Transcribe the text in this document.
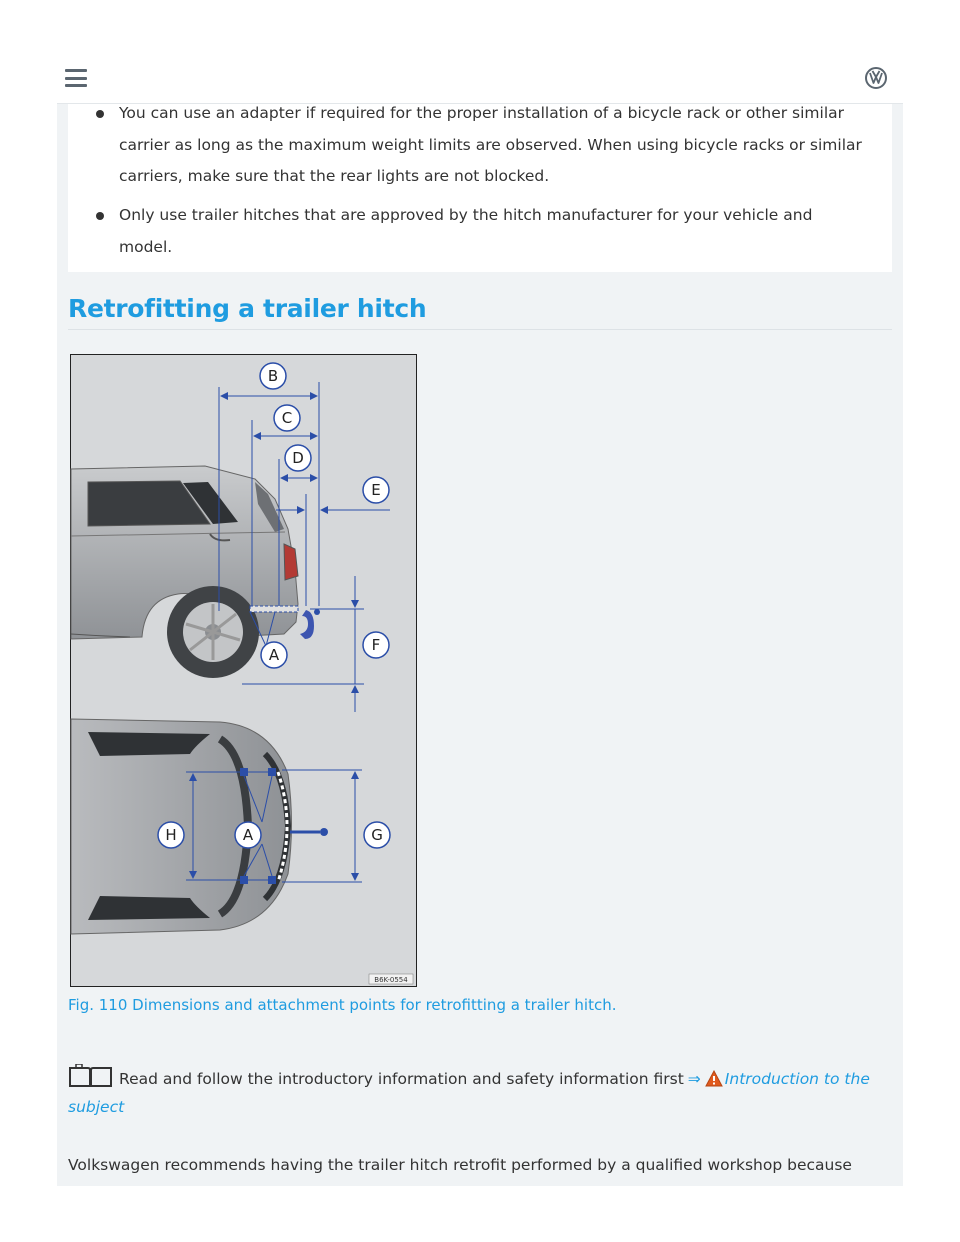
You can use an adapter if required for the proper installation of a bicycle rack or other similar
carrier as long as the maximum weight limits are observed. When using bicycle racks or similar
carriers, make sure that the rear lights are not blocked.
Only use trailer hitches that are approved by the hitch manufacturer for your vehicle and
model.
Retrofitting a trailer hitch
B
C
D
E
A
F
H	A	G
B6K-0554
Fig. 110 Dimensions and attachment points for retrofitting a trailer hitch.
Read and follow the introductory information and safety information first ⇒ Introduction to the subject
Volkswagen recommends having the trailer hitch retrofit performed by a qualified workshop because
